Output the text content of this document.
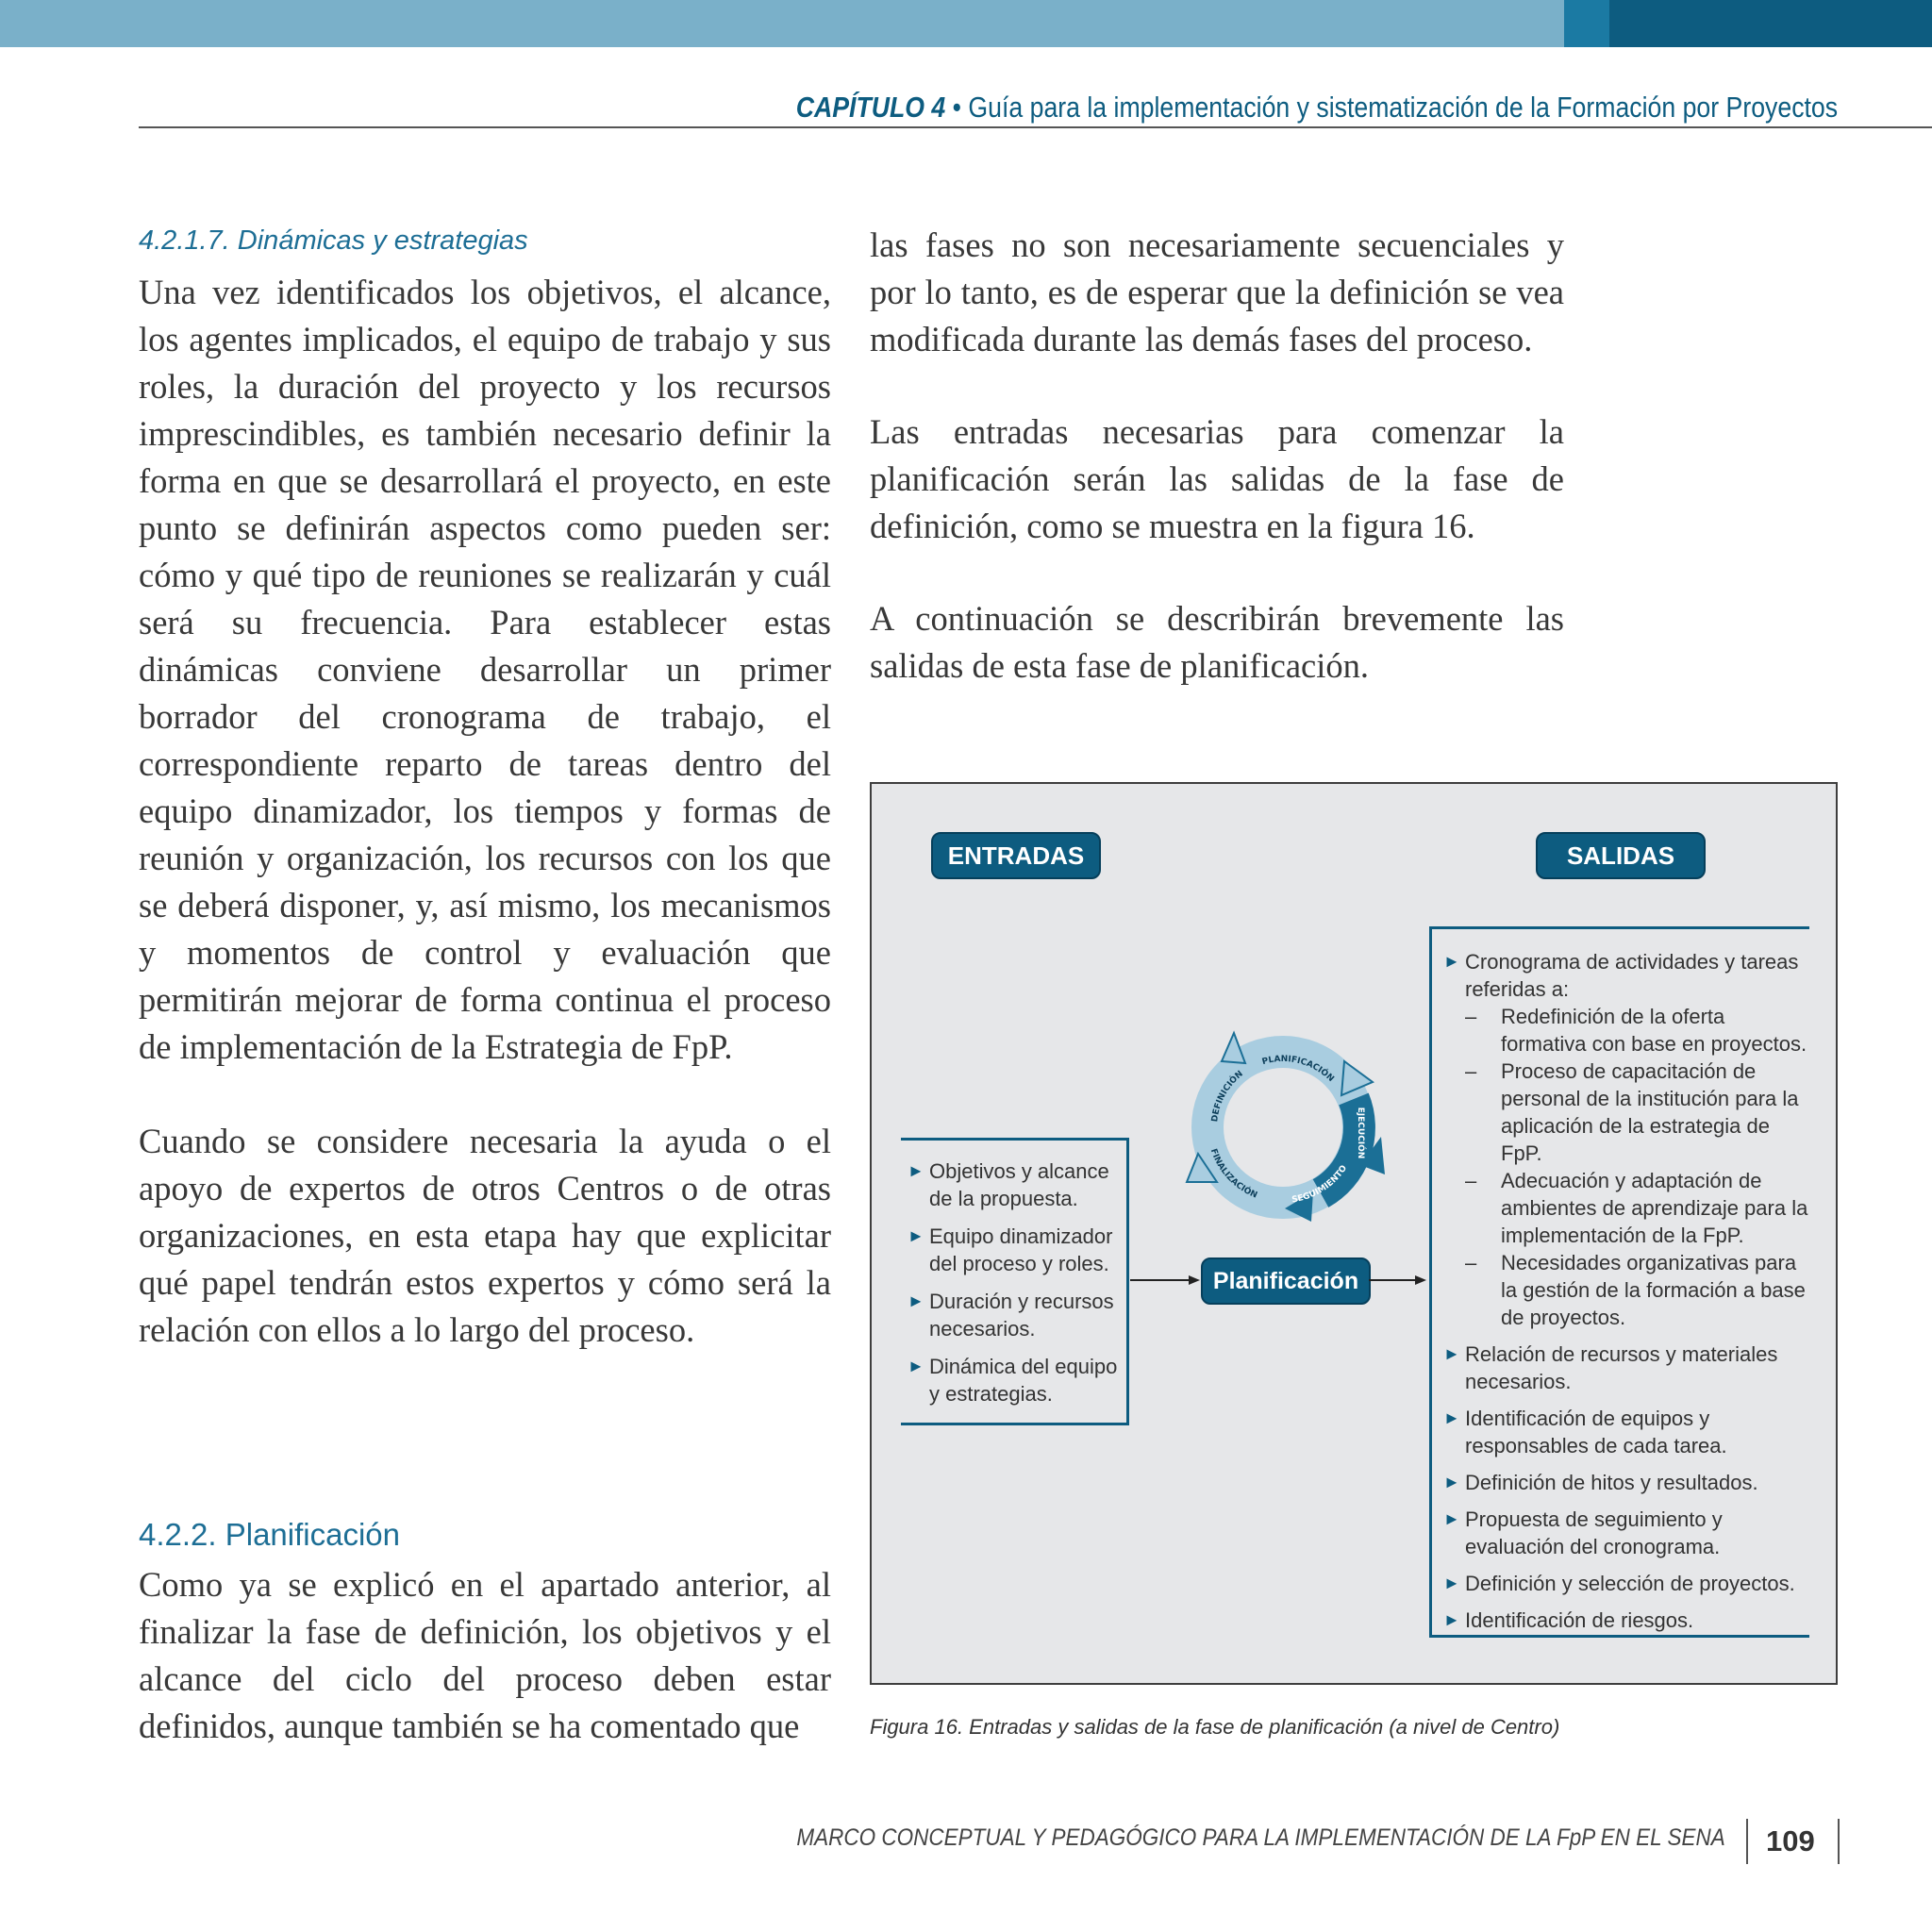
CAPÍTULO 4 • Guía para la implementación y sistematización de la Formación por Proyectos
4.2.1.7. Dinámicas y estrategias

Una vez identificados los objetivos, el alcance, los agentes implicados, el equipo de trabajo y sus roles, la duración del proyecto y los recursos imprescindibles, es también necesario definir la forma en que se desarrollará el proyecto, en este punto se definirán aspectos como pueden ser: cómo y qué tipo de reuniones se realizarán y cuál será su frecuencia. Para establecer estas dinámicas conviene desarrollar un primer borrador del cronograma de trabajo, el correspondiente reparto de tareas dentro del equipo dinamizador, los tiempos y formas de reunión y organización, los recursos con los que se deberá disponer, y, así mismo, los mecanismos y momentos de control y evaluación que permitirán mejorar de forma continua el proceso de implementación de la Estrategia de FpP.

Cuando se considere necesaria la ayuda o el apoyo de expertos de otros Centros o de otras organizaciones, en esta etapa hay que explicitar qué papel tendrán estos expertos y cómo será la relación con ellos a lo largo del proceso.

4.2.2. Planificación

Como ya se explicó en el apartado anterior, al finalizar la fase de definición, los objetivos y el alcance del ciclo del proceso deben estar definidos, aunque también se ha comentado que

las fases no son necesariamente secuenciales y por lo tanto, es de esperar que la definición se vea modificada durante las demás fases del proceso.

Las entradas necesarias para comenzar la planificación serán las salidas de la fase de definición, como se muestra en la figura 16.

A continuación se describirán brevemente las salidas de esta fase de planificación.

ENTRADAS	SALIDAS
► Objetivos y alcance de la propuesta.
► Equipo dinamizador del proceso y roles.
► Duración y recursos necesarios.
► Dinámica del equipo y estrategias.
Planificación
PLANIFICACIÓN
DEFINICIÓN
EJECUCIÓN
SEGUIMIENTO
FINALIZACIÓN
► Cronograma de actividades y tareas referidas a:
– Redefinición de la oferta formativa con base en proyectos.
– Proceso de capacitación de personal de la institución para la aplicación de la estrategia de FpP.
– Adecuación y adaptación de ambientes de aprendizaje para la implementación de la FpP.
– Necesidades organizativas para la gestión de la formación a base de proyectos.
► Relación de recursos y materiales necesarios.
► Identificación de equipos y responsables de cada tarea.
► Definición de hitos y resultados.
► Propuesta de seguimiento y evaluación del cronograma.
► Definición y selección de proyectos.
► Identificación de riesgos.
Figura 16. Entradas y salidas de la fase de planificación (a nivel de Centro)
MARCO CONCEPTUAL Y PEDAGÓGICO PARA LA IMPLEMENTACIÓN DE LA FpP EN EL SENA 109
